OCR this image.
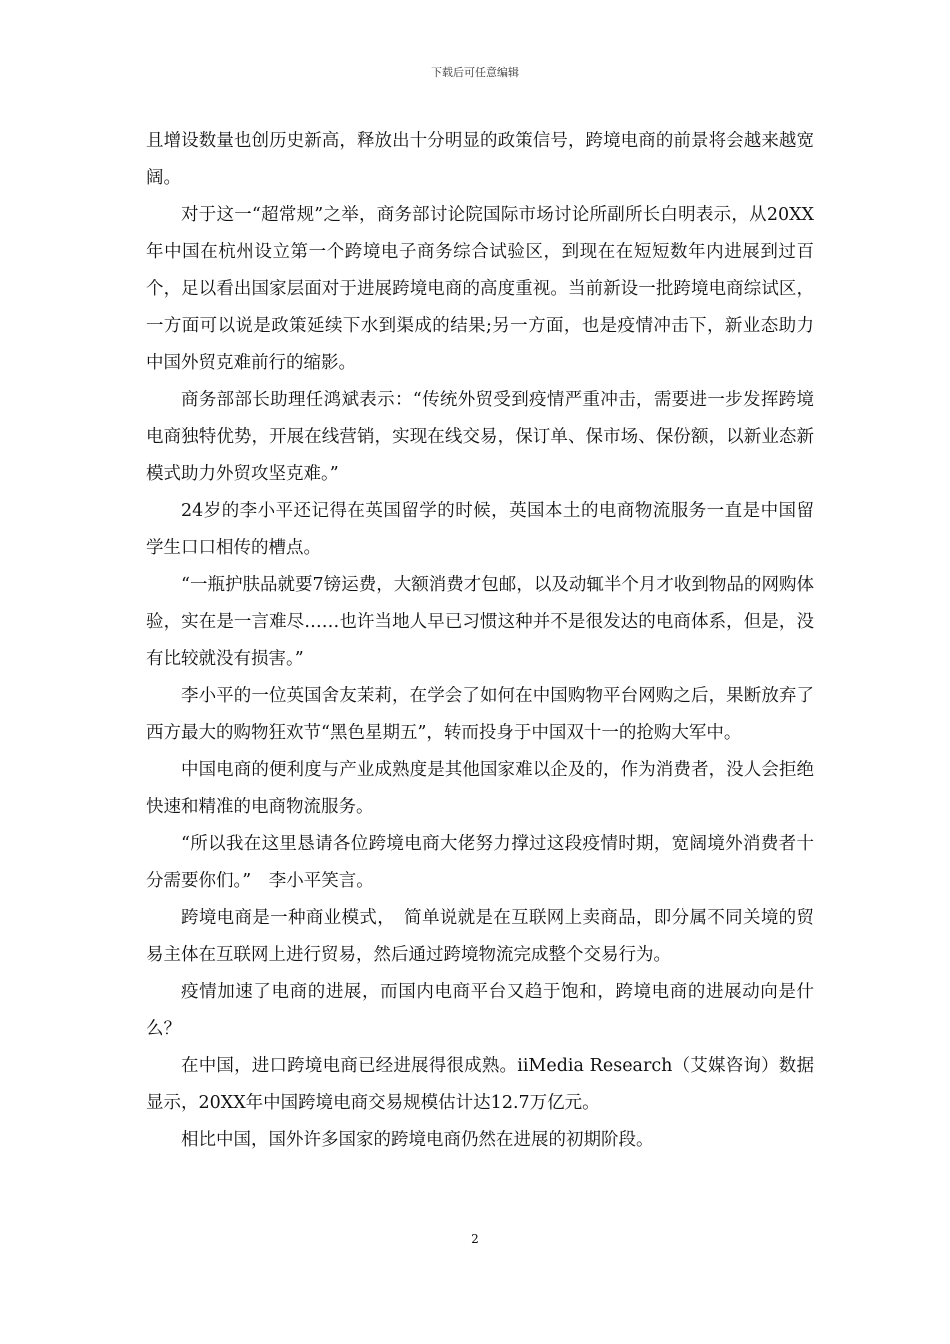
下载后可任意编辑

且增设数量也创历史新高，释放出十分明显的政策信号，跨境电商的前景将会越来越宽阔。

对于这一“超常规”之举，商务部讨论院国际市场讨论所副所长白明表示，从20XX年中国在杭州设立第一个跨境电子商务综合试验区，到现在在短短数年内进展到过百个，足以看出国家层面对于进展跨境电商的高度重视。当前新设一批跨境电商综试区，一方面可以说是政策延续下水到渠成的结果;另一方面，也是疫情冲击下，新业态助力中国外贸克难前行的缩影。

商务部部长助理任鸿斌表示：“传统外贸受到疫情严重冲击，需要进一步发挥跨境电商独特优势，开展在线营销，实现在线交易，保订单、保市场、保份额，以新业态新模式助力外贸攻坚克难。”

24岁的李小平还记得在英国留学的时候，英国本土的电商物流服务一直是中国留学生口口相传的槽点。

“一瓶护肤品就要7镑运费，大额消费才包邮，以及动辄半个月才收到物品的网购体验，实在是一言难尽……也许当地人早已习惯这种并不是很发达的电商体系，但是，没有比较就没有损害。”

李小平的一位英国舍友茉莉，在学会了如何在中国购物平台网购之后，果断放弃了西方最大的购物狂欢节“黑色星期五”，转而投身于中国双十一的抢购大军中。

中国电商的便利度与产业成熟度是其他国家难以企及的，作为消费者，没人会拒绝快速和精准的电商物流服务。

“所以我在这里恳请各位跨境电商大佬努力撑过这段疫情时期，宽阔境外消费者十分需要你们。”　李小平笑言。

跨境电商是一种商业模式，　简单说就是在互联网上卖商品，即分属不同关境的贸易主体在互联网上进行贸易，然后通过跨境物流完成整个交易行为。

疫情加速了电商的进展，而国内电商平台又趋于饱和，跨境电商的进展动向是什么？

在中国，进口跨境电商已经进展得很成熟。iiMedia Research（艾媒咨询）数据显示，20XX年中国跨境电商交易规模估计达12.7万亿元。

相比中国，国外许多国家的跨境电商仍然在进展的初期阶段。

2
